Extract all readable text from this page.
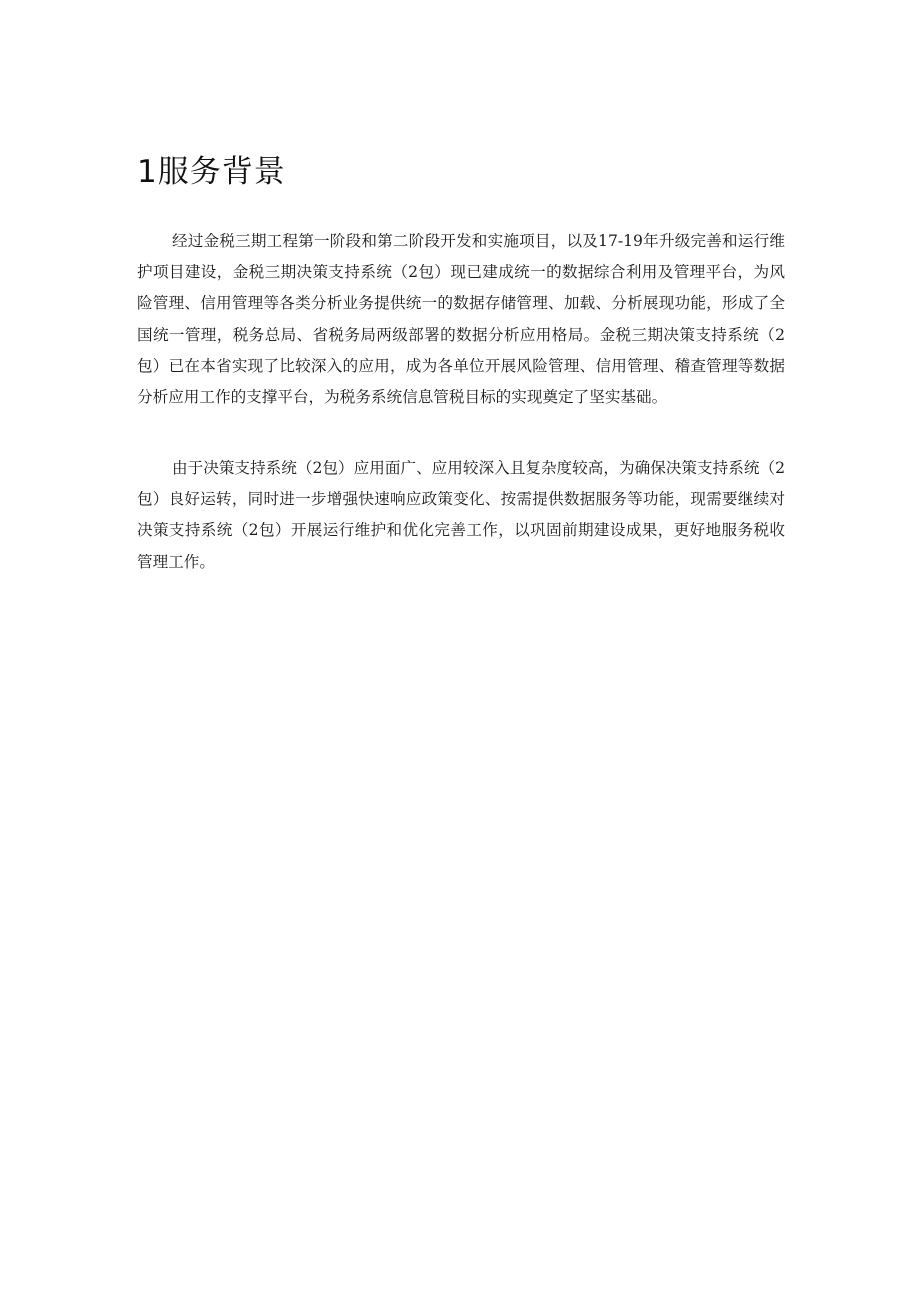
1服务背景

经过金税三期工程第一阶段和第二阶段开发和实施项目，以及17-19年升级完善和运行维护项目建设，金税三期决策支持系统（2包）现已建成统一的数据综合利用及管理平台，为风险管理、信用管理等各类分析业务提供统一的数据存储管理、加载、分析展现功能，形成了全国统一管理，税务总局、省税务局两级部署的数据分析应用格局。金税三期决策支持系统（2包）已在本省实现了比较深入的应用，成为各单位开展风险管理、信用管理、稽查管理等数据分析应用工作的支撑平台，为税务系统信息管税目标的实现奠定了坚实基础。

由于决策支持系统（2包）应用面广、应用较深入且复杂度较高，为确保决策支持系统（2包）良好运转，同时进一步增强快速响应政策变化、按需提供数据服务等功能，现需要继续对决策支持系统（2包）开展运行维护和优化完善工作，以巩固前期建设成果，更好地服务税收管理工作。
